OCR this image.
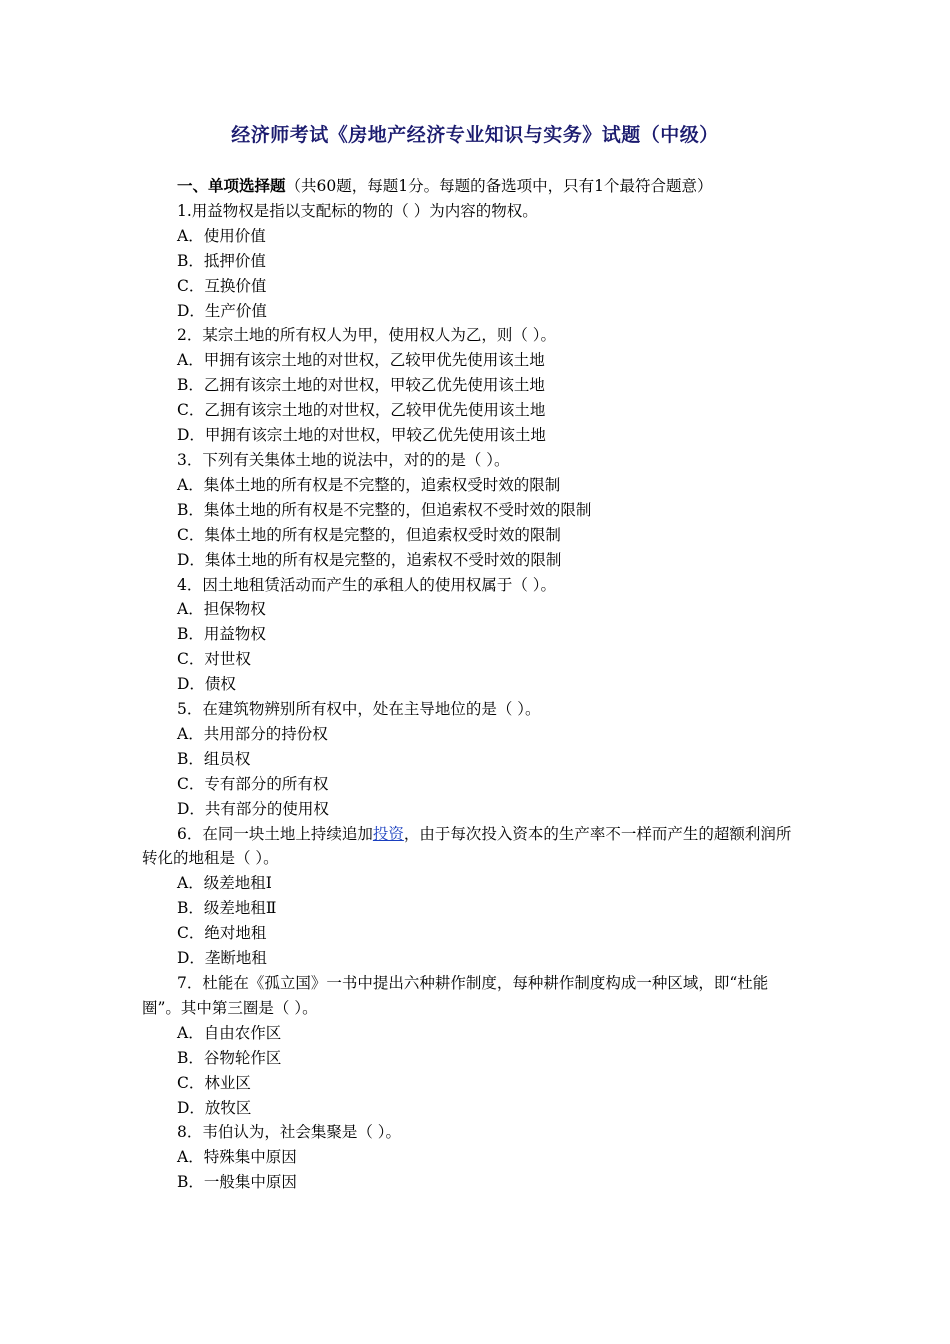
经济师考试《房地产经济专业知识与实务》试题（中级）
一、单项选择题（共60题，每题1分。每题的备选项中，只有1个最符合题意）
1.用益物权是指以支配标的物的（ ）为内容的物权。
A．使用价值
B．抵押价值
C．互换价值
D．生产价值
2．某宗土地的所有权人为甲，使用权人为乙，则（ ）。
A．甲拥有该宗土地的对世权，乙较甲优先使用该土地
B．乙拥有该宗土地的对世权，甲较乙优先使用该土地
C．乙拥有该宗土地的对世权，乙较甲优先使用该土地
D．甲拥有该宗土地的对世权，甲较乙优先使用该土地
3．下列有关集体土地的说法中，对的的是（ ）。
A．集体土地的所有权是不完整的，追索权受时效的限制
B．集体土地的所有权是不完整的，但追索权不受时效的限制
C．集体土地的所有权是完整的，但追索权受时效的限制
D．集体土地的所有权是完整的，追索权不受时效的限制
4．因土地租赁活动而产生的承租人的使用权属于（ ）。
A．担保物权
B．用益物权
C．对世权
D．债权
5．在建筑物辨别所有权中，处在主导地位的是（ ）。
A．共用部分的持份权
B．组员权
C．专有部分的所有权
D．共有部分的使用权
6．在同一块土地上持续追加投资，由于每次投入资本的生产率不一样而产生的超额利润所转化的地租是（ ）。
A．级差地租Ⅰ
B．级差地租Ⅱ
C．绝对地租
D．垄断地租
7．杜能在《孤立国》一书中提出六种耕作制度，每种耕作制度构成一种区域，即“杜能圈”。其中第三圈是（ ）。
A．自由农作区
B．谷物轮作区
C．林业区
D．放牧区
8．韦伯认为，社会集聚是（ ）。
A．特殊集中原因
B．一般集中原因
